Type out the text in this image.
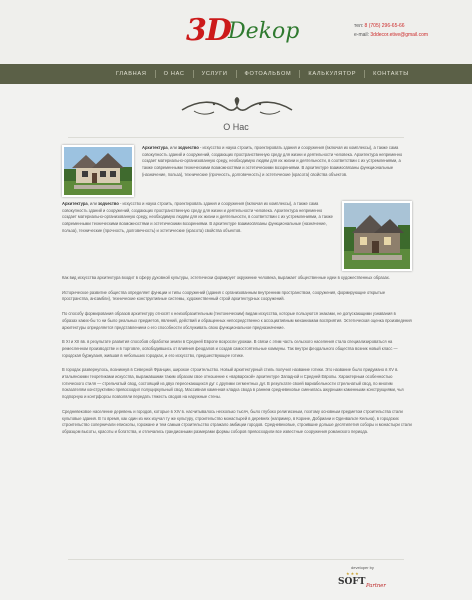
3D
Dekop	тел: 8 (705) 296-65-66
e-mail: 3ddecor.etive@gmail.com
ГЛАВНАЯ	О НАС	УСЛУГИ	ФОТОАЛЬБОМ	КАЛЬКУЛЯТОР	КОНТАКТЫ
О Нас

Архитектура, или зодчество - искусство и наука строить, проектировать здания и сооружения (включая их комплексы), а также сама совокупность зданий и сооружений, создающих пространственную среду для жизни и деятельности человека. Архитектура непременно создает материально-организованную среду, необходимую людям для их жизни и деятельности, в соответствии с их устремлениями, а также современными техническими возможностями и эстетическими воззрениями. В архитектуре взаимосвязаны функциональные (назначение, польза), технические (прочность, долговечность) и эстетические (красота) свойства объектов.

Архитектура, или зодчество - искусство и наука строить, проектировать здания и сооружения (включая их комплексы), а также сама совокупность зданий и сооружений, создающих пространственную среду для жизни и деятельности человека. Архитектура непременно создает материально-организованную среду, необходимую людям для их жизни и деятельности, в соответствии с их устремлениями, а также современными техническими возможностями и эстетическими воззрениями. В архитектуре взаимосвязаны функциональные (назначение, польза), технические (прочность, долговечность) и эстетические (красота) свойства объектов.

Как вид искусства архитектура входит в сферу духовной культуры, эстетически формирует окружение человека, выражает общественные идеи в художественных образах.

Историческое развитие общества определяет функции и типы сооружений (здания с организованным внутренним пространством, сооружения, формирующие открытые пространства, ансамбли), технические конструктивные системы, художественный строй архитектурных сооружений.

По способу формирования образов архитектуру относят к неизобразительным (тектоническим) видам искусства, которые пользуются знаками, не допускающими узнавания в образах каких-бы то ни было реальных предметов, явлений, действий и обращенных непосредственно к ассоциативным механизмам восприятия. Эстетическая оценка произведения архитектуры определяется представлением о его способности обслуживать свою функциональное предназначение.

В XI и XII вв. в результате развития способов обработки земли в Средней Европе возросли урожаи. В связи с этим часть сельского населения стала специализироваться на ремесленном производстве и в торговле, освободившись от влияния феодалов и создав самостоятельные коммуны. Так внутри феодального общества возник новый класс — городская буржуазия, жившая в небольших городках, и его искусство, предшествующее готике.

В городах развернулось, возникнув в Северной Франции, широкое строительство. Новый архитектурный стиль получил название готики. Это название было придумано в XV в. итальянскими теоретиками искусства, выражавшими таким образом свое отношение к «варварской» архитектуре Западной и Средней Европы. Характерным особенностью готического стиля — стрельчатый свод, состоящий из двух пересекающихся дуг с другими сегментных дуг. В результате своей вариабельности стрельчатый свод, по многим показателям конструктивно превосходил полуциркульный свод. Массивная каменная кладка свода в раннем средневековье сменилась ажурными каменными конструкциями, чья подпорную и контрфорсы позволяли передать тяжесть сводов на наружные стены.

Средневековое население деревень и городов, которые в XIV в. насчитывалось несколько тысяч, было глубоко религиозным, поэтому основным предметом строительства стали культовые здания. В то время, как один из них изучал ту же культуру, строительство монастырей в деревнях (например, в Корине, Добриани и Оденвальте Кельна), в городских строительство соперничали епископы, горожане и тем самым строительство отражало амбиции городов. Средневековые, строившие дольше десятилетия соборы и монастыри стали образцом высоты, красоты и богатства, и отличались грандиозными размерами формы соборов превосходили все известные сооружения романского периода.

developer by
★★★
SOFT Partner
